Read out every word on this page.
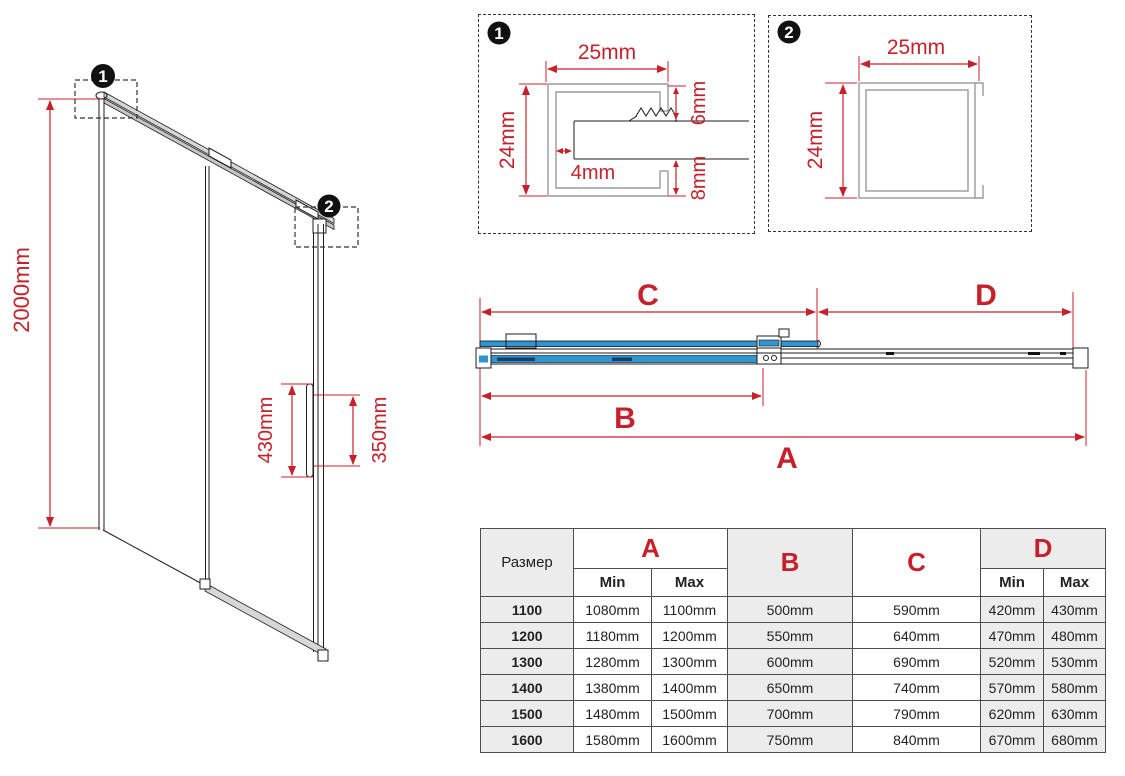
2000mm
430mm	350mm
1
2
1
25mm
24mm
6mm
8mm
4mm
2
25mm
24mm
C	D
B
A
Размер	A		B	C	D	
	Min	Max			Min	Max
1100	1080mm	1100mm	500mm	590mm	420mm	430mm
1200	1180mm	1200mm	550mm	640mm	470mm	480mm
1300	1280mm	1300mm	600mm	690mm	520mm	530mm
1400	1380mm	1400mm	650mm	740mm	570mm	580mm
1500	1480mm	1500mm	700mm	790mm	620mm	630mm
1600	1580mm	1600mm	750mm	840mm	670mm	680mm
